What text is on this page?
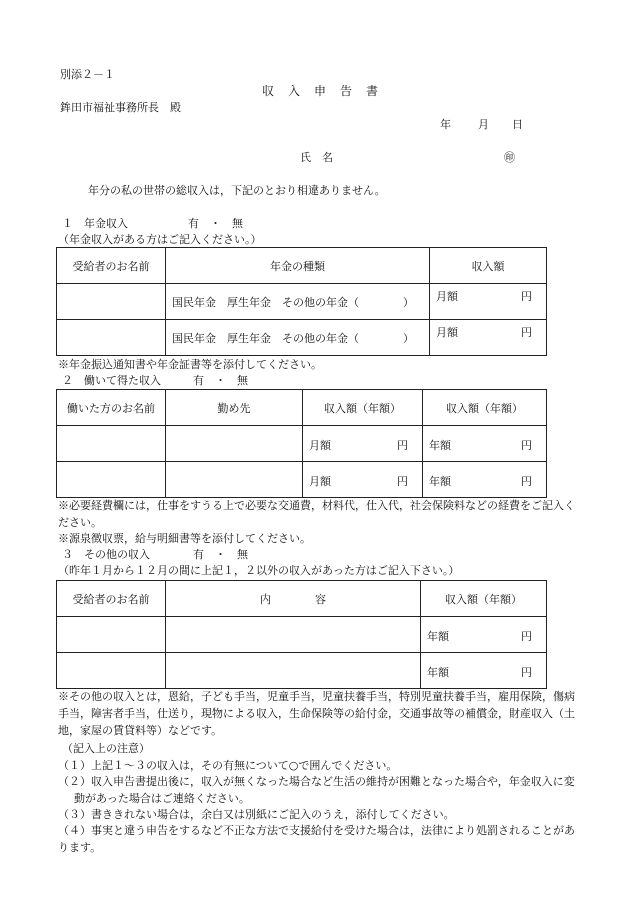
別添２－１
収　入　申　告　書
鉾田市福祉事務所長　殿
年 月 日
氏　名	㊞
年分の私の世帯の総収入は，下記のとおり相違ありません。
１　年金収入	有　・　無
（年金収入がある方はご記入ください。）
受給者のお名前	年金の種類	収入額
	国民年金　厚生年金　その他の年金（　　　　）	月額 円

	国民年金　厚生年金　その他の年金（　　　　）	月額 円
※年金振込通知書や年金証書等を添付してください。
２　働いて得た収入	有　・　無
働いた方のお名前	勤め先	収入額（年額）	収入額（年額）

		月額 円	年額 円

		月額 円	年額 円
※必要経費欄には，仕事をすうる上で必要な交通費，材料代，仕入代，社会保険料などの経費をご記入ください。
※源泉徴収票，給与明細書等を添付してください。
３　その他の収入	有　・　無
（昨年１月から１２月の間に上記１，２以外の収入があった方はご記入下さい。）
受給者のお名前	内　　　　容	収入額（年額）

		年額 円

		年額 円
※その他の収入とは，恩給，子ども手当，児童手当，児童扶養手当，特別児童扶養手当，雇用保険，傷病手当，障害者手当，仕送り，現物による収入，生命保険等の給付金，交通事故等の補償金，財産収入（土地，家屋の賃貸料等）などです。
（記入上の注意）
（１）上記１～３の収入は，その有無について○で囲んでください。
（２）収入申告書提出後に，収入が無くなった場合など生活の維持が困難となった場合や，年金収入に変動があった場合はご連絡ください。
（３）書ききれない場合は，余白又は別紙にご記入のうえ，添付してください。
（４）事実と違う申告をするなど不正な方法で支援給付を受けた場合は，法律により処罰されることがあります。
